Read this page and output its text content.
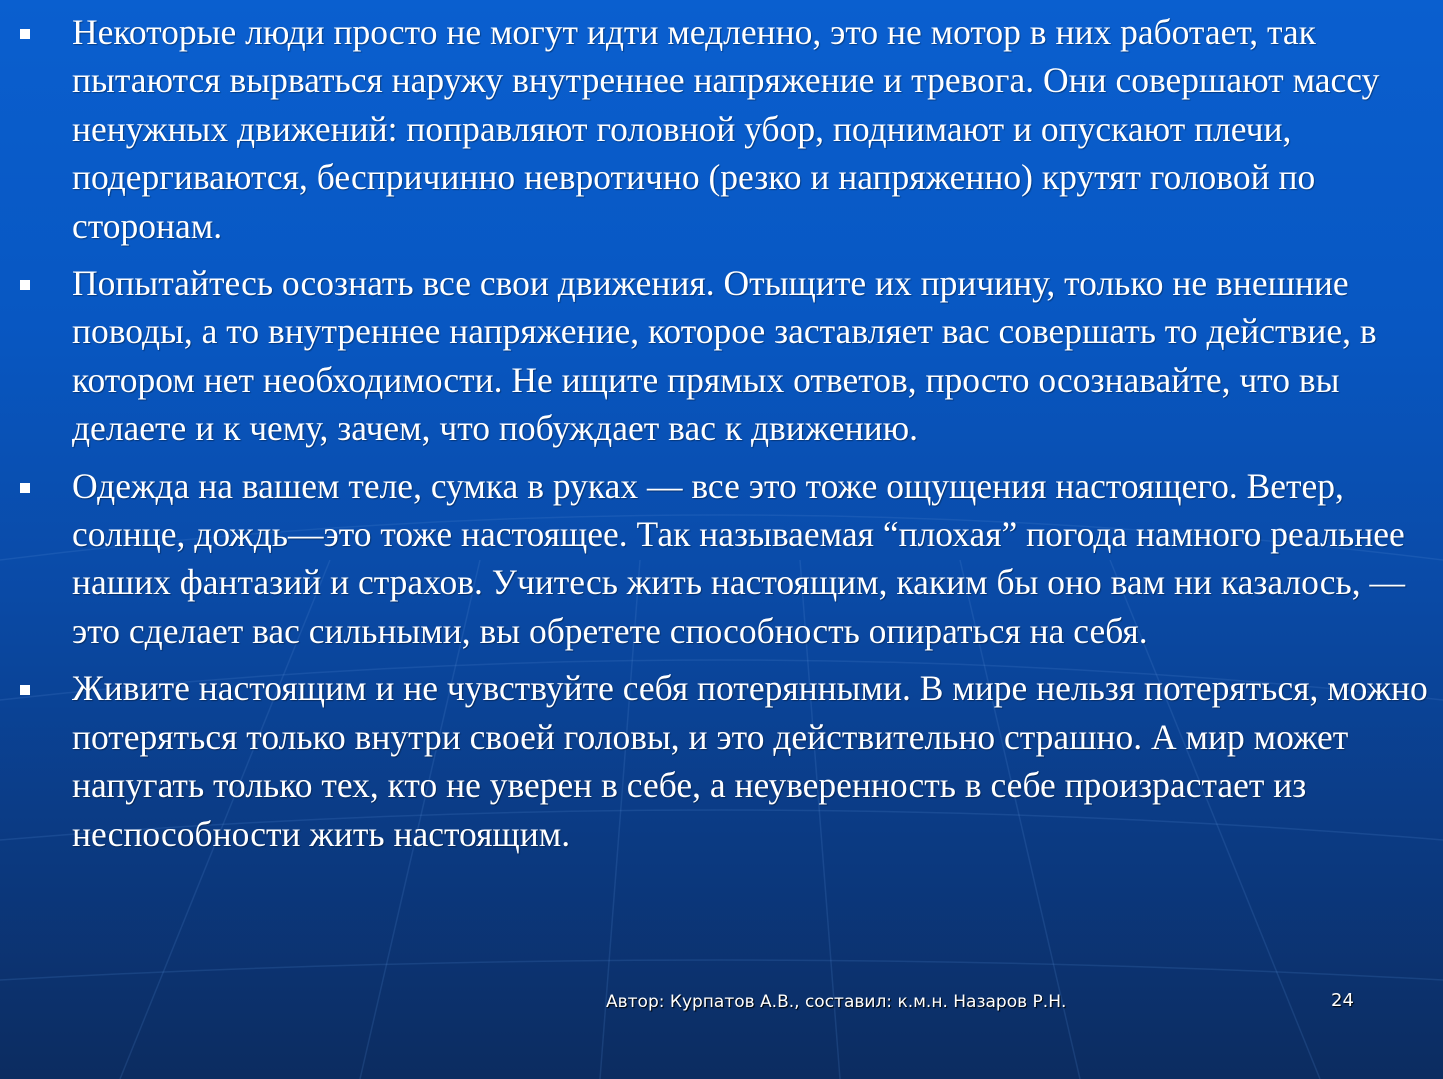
Некоторые люди просто не могут идти медленно, это не мотор в них работает, так пытаются вырваться наружу внутреннее напряжение и тревога. Они совершают массу ненужных движений: поправляют головной убор, поднимают и опускают плечи, подергиваются, беспричинно невротично (резко и напряженно) крутят головой по сторонам.
Попытайтесь осознать все свои движения. Отыщите их причину, только не внешние поводы, а то внутреннее напряжение, которое заставляет вас совершать то действие, в котором нет необходимости. Не ищите прямых ответов, просто осознавайте, что вы делаете и к чему, зачем, что побуждает вас к движению.
Одежда на вашем теле, сумка в руках — все это тоже ощущения настоящего. Ветер, солнце, дождь—это тоже настоящее. Так называемая “плохая” погода намного реальнее наших фантазий и страхов. Учитесь жить настоящим, каким бы оно вам ни казалось, — это сделает вас сильными, вы обретете способность опираться на себя.
Живите настоящим и не чувствуйте себя потерянными. В мире нельзя потеряться, можно потеряться только внутри своей головы, и это действительно страшно. А мир может напугать только тех, кто не уверен в себе, а неуверенность в себе произрастает из неспособности жить настоящим.
Автор: Курпатов А.В., составил: к.м.н. Назаров Р.Н.	24
